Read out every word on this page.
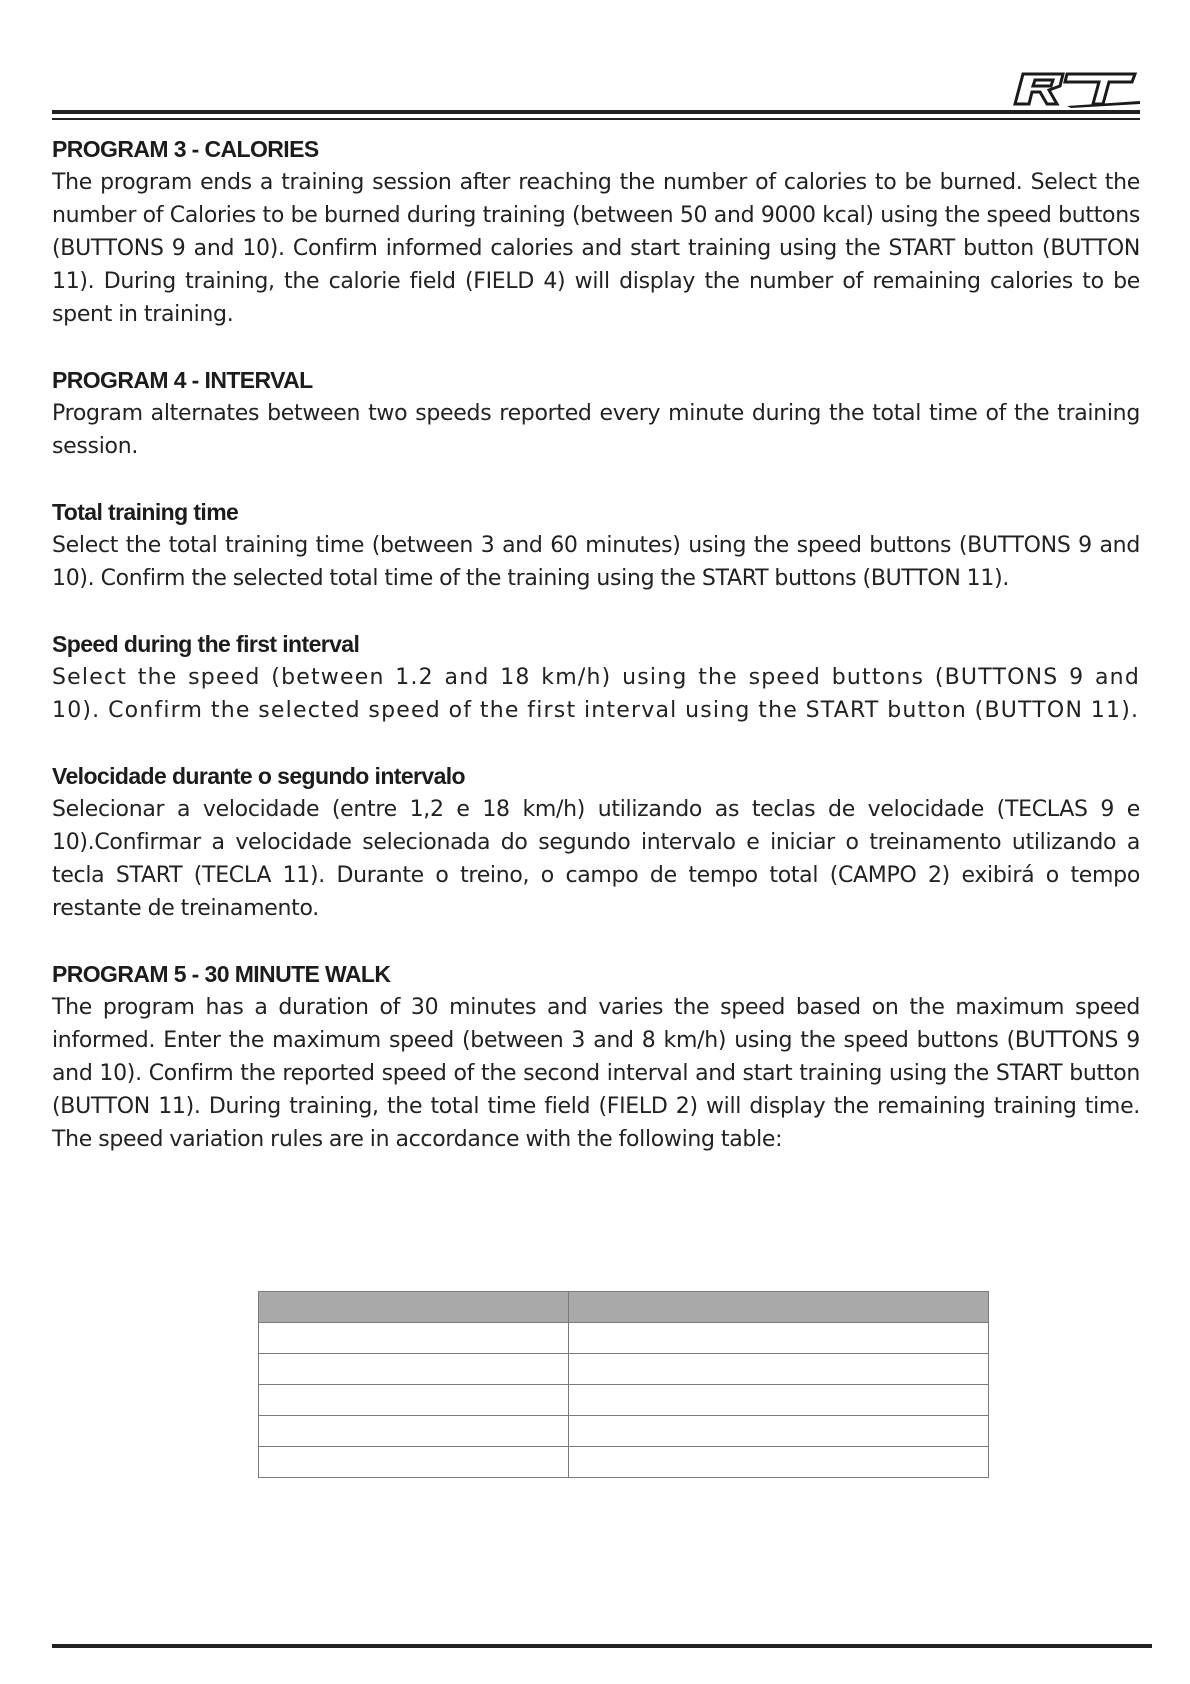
PROGRAM 3 - CALORIES

The program ends a training session after reaching the number of calories to be burned. Select the number of Calories to be burned during training (between 50 and 9000 kcal) using the speed buttons (BUTTONS 9 and 10). Confirm informed calories and start training using the START button (BUTTON 11). During training, the calorie field (FIELD 4) will display the number of remaining calories to be spent in training.

PROGRAM 4 - INTERVAL

Program alternates between two speeds reported every minute during the total time of the training session.

Total training time

Select the total training time (between 3 and 60 minutes) using the speed buttons (BUTTONS 9 and 10). Confirm the selected total time of the training using the START buttons (BUTTON 11).

Speed during the first interval

Select the speed (between 1.2 and 18 km/h) using the speed buttons (BUTTONS 9 and 10). Confirm the selected speed of the first interval using the START button (BUTTON 11).

Velocidade durante o segundo intervalo

Selecionar a velocidade (entre 1,2 e 18 km/h) utilizando as teclas de velocidade (TECLAS 9 e 10).Confirmar a velocidade selecionada do segundo intervalo e iniciar o treinamento utilizando a tecla START (TECLA 11). Durante o treino, o campo de tempo total (CAMPO 2) exibirá o tempo restante de treinamento.

PROGRAM 5 - 30 MINUTE WALK

The program has a duration of 30 minutes and varies the speed based on the maximum speed informed. Enter the maximum speed (between 3 and 8 km/h) using the speed buttons (BUTTONS 9 and 10). Confirm the reported speed of the second interval and start training using the START button (BUTTON 11). During training, the total time field (FIELD 2) will display the remaining training time. The speed variation rules are in accordance with the following table:
